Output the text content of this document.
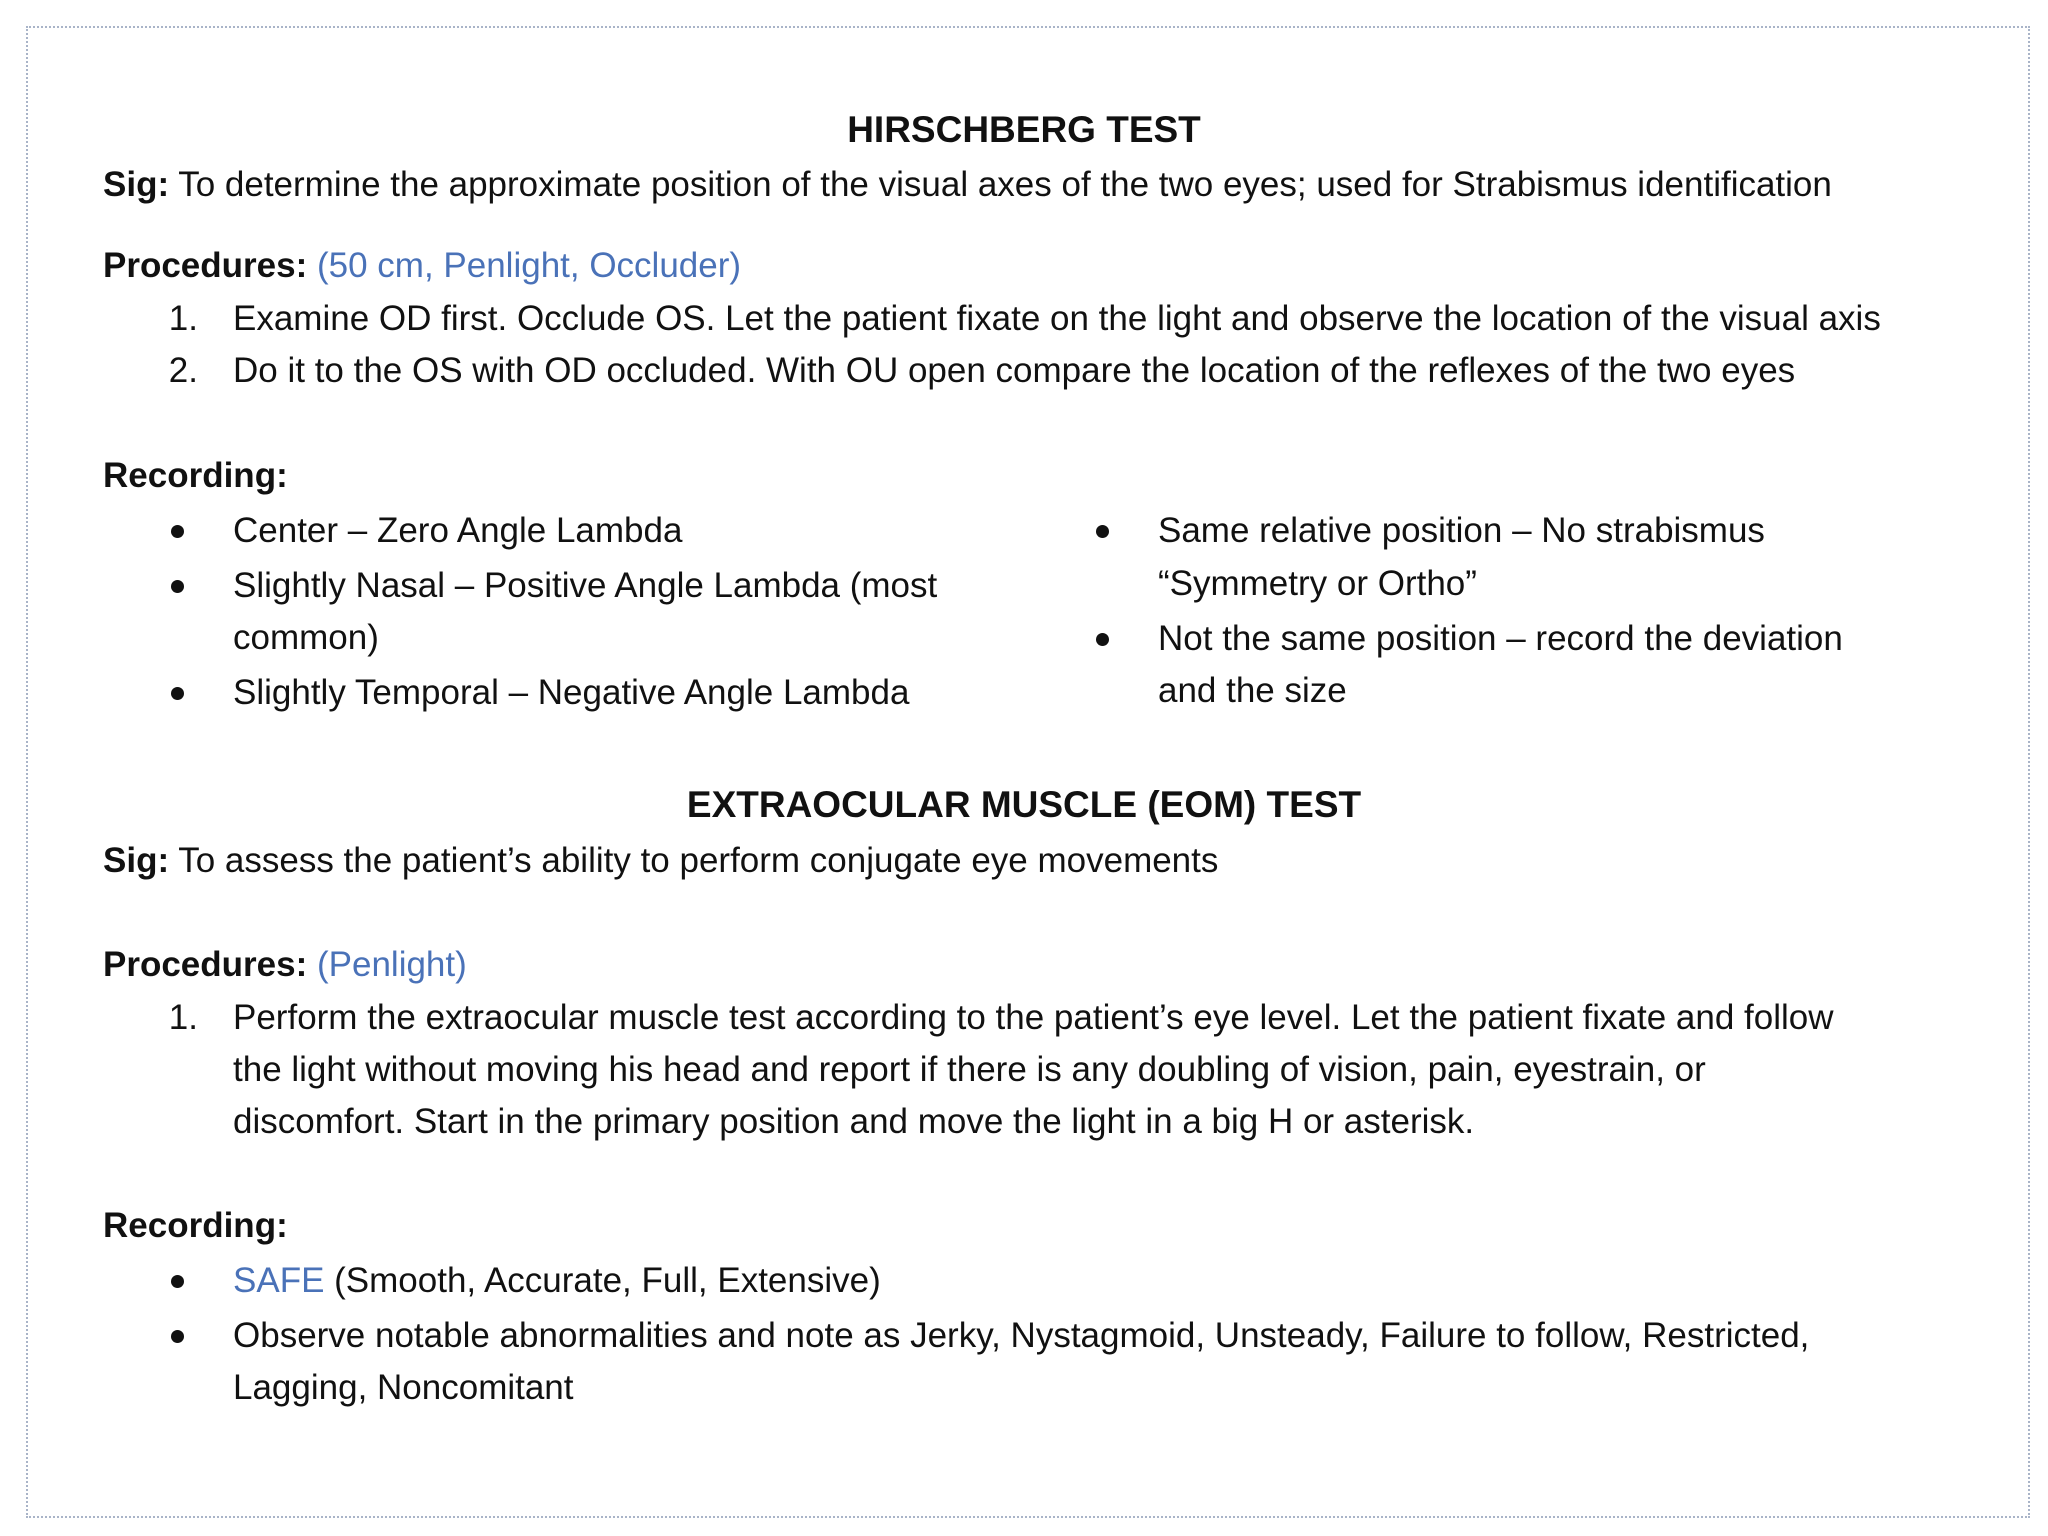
HIRSCHBERG TEST
Sig: To determine the approximate position of the visual axes of the two eyes; used for Strabismus identification
Procedures: (50 cm, Penlight, Occluder)
1. Examine OD first. Occlude OS. Let the patient fixate on the light and observe the location of the visual axis
2. Do it to the OS with OD occluded. With OU open compare the location of the reflexes of the two eyes
Recording:
Center – Zero Angle Lambda
Slightly Nasal – Positive Angle Lambda (most
common)
Slightly Temporal – Negative Angle Lambda
Same relative position – No strabismus
“Symmetry or Ortho”
Not the same position – record the deviation
and the size
EXTRAOCULAR MUSCLE (EOM) TEST
Sig: To assess the patient’s ability to perform conjugate eye movements
Procedures: (Penlight)
1. Perform the extraocular muscle test according to the patient’s eye level. Let the patient fixate and follow
the light without moving his head and report if there is any doubling of vision, pain, eyestrain, or
discomfort. Start in the primary position and move the light in a big H or asterisk.
Recording:
SAFE (Smooth, Accurate, Full, Extensive)
Observe notable abnormalities and note as Jerky, Nystagmoid, Unsteady, Failure to follow, Restricted,
Lagging, Noncomitant
